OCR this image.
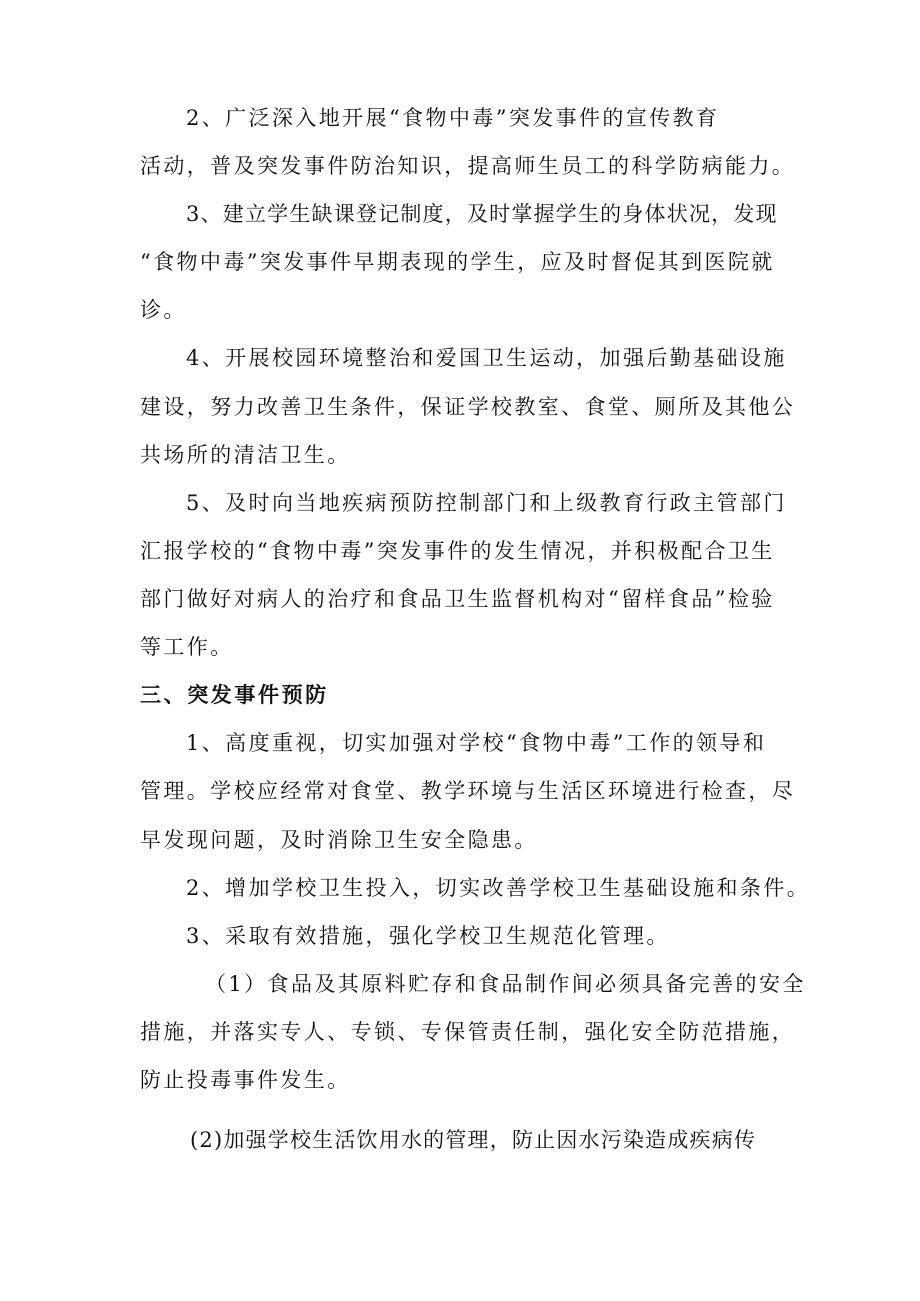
2、广泛深入地开展“食物中毒”突发事件的宣传教育
活动，普及突发事件防治知识，提高师生员工的科学防病能力。
3、建立学生缺课登记制度，及时掌握学生的身体状况，发现
“食物中毒”突发事件早期表现的学生，应及时督促其到医院就
诊。
4、开展校园环境整治和爱国卫生运动，加强后勤基础设施
建设，努力改善卫生条件，保证学校教室、食堂、厕所及其他公
共场所的清洁卫生。
5、及时向当地疾病预防控制部门和上级教育行政主管部门
汇报学校的“食物中毒”突发事件的发生情况，并积极配合卫生
部门做好对病人的治疗和食品卫生监督机构对“留样食品”检验
等工作。
三、突发事件预防
1、高度重视，切实加强对学校“食物中毒”工作的领导和
管理。学校应经常对食堂、教学环境与生活区环境进行检查，尽
早发现问题，及时消除卫生安全隐患。
2、增加学校卫生投入，切实改善学校卫生基础设施和条件。
3、采取有效措施，强化学校卫生规范化管理。
（1）食品及其原料贮存和食品制作间必须具备完善的安全
措施，并落实专人、专锁、专保管责任制，强化安全防范措施，
防止投毒事件发生。
(2)加强学校生活饮用水的管理，防止因水污染造成疾病传
